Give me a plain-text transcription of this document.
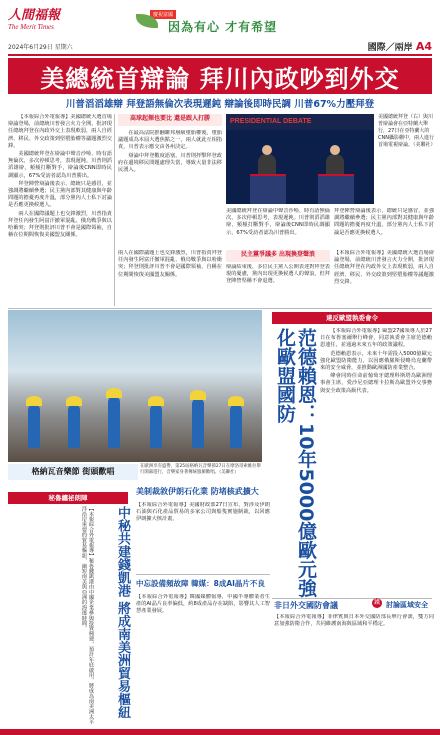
人間福報
The Merit Times
慶祝富國
因為有心 才有希望
2024年6月29日 星期六	國際／兩岸 A4
美總統首辯論 拜川內政吵到外交
川普滔滔雄辯 拜登語無倫次表現遲鈍 辯論後即時民調 川普67%力壓拜登

【本報綜合外電報導】美國總統大選首場辯論登場，前總統川普發言火力全開，批評現任總統拜登在內政外交上表現軟弱，兩人自經濟、移民、外交政策到堅墮胎權等議題激烈交鋒。

美國總統拜登在辯論中聲音沙啞、時有語無倫次，多次停頓思考，表現遲鈍。川普則滔滔雄辯，頻頻打斷對手，辯論後CNN即時民調顯示，67%受訪者認為川普勝出。

拜登陣營辯論後表示，總統只是感冒，並強調將繼續參選；民主黨內部對其健康與年齡問題的擔憂再度升溫，部分黨內人士私下討論是否應更換候選人。

兩人在國際議題上也交鋒激烈，川普指責拜登任內發生阿富汗撤軍混亂、俄烏戰爭與以哈衝突；拜登則批評川普不會是國際領袖，自稱在位期間恢復美國盟友關係。

高球起揮也要比 還是跟人打勝

在最高法院推翻聯邦層級墮胎權後，墮胎議題成為本屆大選焦點之一，兩人就此互相指責，川普表示應交由各州決定。

辯論中拜登數度語塞，川普則抨擊拜登政府在邊境移民問題處理失當，導致大量非法移民湧入。

PRESIDENTIAL DEBATE
美國總統拜登（右）與川普辯論會在亞特蘭大舉行，27日在亞特蘭大的CNN攝影棚中，兩人進行首場電視辯論。（美聯社）
美國總統拜登在辯論中聲音沙啞、時有語無倫次，多次停頓思考，表現遲鈍。川普則滔滔雄辯，頻頻打斷對手，辯論後CNN即時民調顯示，67%受訪者認為川普勝出。
拜登陣營辯論後表示，總統只是感冒，並強調將繼續參選；民主黨內部對其健康與年齡問題的擔憂再度升溫，部分黨內人士私下討論是否應更換候選人。
民主黨爭議多 出現換登聲浪
兩人在國際議題上也交鋒激烈，川普指責拜登任內發生阿富汗撤軍混亂、俄烏戰爭與以哈衝突；拜登則批評川普不會是國際領袖，自稱在位期間恢復美國盟友關係。
辯論結束後，多位民主黨人公開表達對拜登表現的憂慮，黨內出現更換候選人的聲浪，但拜登陣營堅稱不會退選。
【本報綜合外電報導】美國總統大選首場辯論登場，前總統川普發言火力全開，批評現任總統拜登在內政外交上表現軟弱，兩人自經濟、移民、外交政策到堅墮胎權等議題激烈交鋒。
格納瓦音樂節 街頭歡唱
在歐洲享有盛譽，第25屆格納瓦音樂節27日在摩洛哥索維拉舉行開幕遊行，音樂家身著傳統服飾歡唱。（美聯社）
達反歐盟執委會令
范德賴恩：10年5000億歐元強化歐盟國防	【本報綜合外電報導】歐盟27國領導人於27日在布魯塞爾舉行峰會，同意執委會主席范德賴恩連任，並通過未來五年的政策議程。

范德賴恩表示，未來十年需投入5000億歐元強化歐盟防衛能力，以因應俄羅斯侵略烏克蘭帶來的安全威脅，並推動歐洲國防產業整合。

峰會同時任命前葡萄牙總理科斯塔為歐洲理事會主席，愛沙尼亞總理卡拉斯為歐盟外交事務與安全政策高級代表。

非日外交國防會議	鐵 討論區域安全
【本報綜合外電報導】菲律賓與日本外交國防部長舉行會談，雙方同意加強防衛合作，共同維護南海與區域和平穩定。
秘魯纏祕朗陣
【本報綜合外電報導】秘魯錢凱港由中國企業參與投資興建，預計年底啟用，將成為南美洲太平洋沿岸重要的貿易樞紐，縮短南美與亞洲的海運時間。	中秘共建錢凱港 將成南美洲貿易樞紐
美制裁敘伊朗石化業 防堵核武擴大
【本報綜合外電報導】美國財政部27日宣布，對涉及伊朗石油與石化產品貿易的多家公司與船隻實施制裁，以回應伊朗擴大核計畫。
中忘設備頻故障 韓媒：8成AI晶片不良
【本報綜合外電報導】韓國媒體報導，中國半導體業者生產的AI晶片良率偏低，約8成產品存在缺陷，影響其人工智慧產業發展。
